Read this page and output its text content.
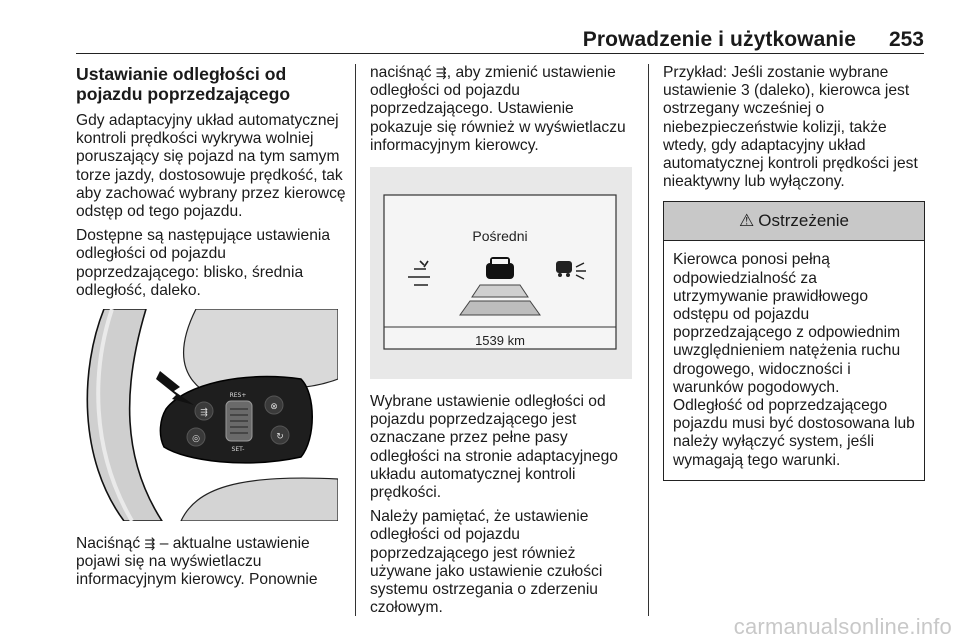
Prowadzenie i użytkowanie 253
Ustawianie odległości od pojazdu poprzedzającego

Gdy adaptacyjny układ automatycznej kontroli prędkości wykrywa wolniej poruszający się pojazd na tym samym torze jazdy, dostosowuje prędkość, tak aby zachować wybrany przez kierowcę odstęp od tego pojazdu.

Dostępne są następujące ustawienia odległości od pojazdu poprzedzającego: blisko, średnia odległość, daleko.

⇶
◎
RES+
SET-
⊗
↻

Naciśnąć ⇶ – aktualne ustawienie pojawi się na wyświetlaczu informacyjnym kierowcy. Ponownie

naciśnąć ⇶, aby zmienić ustawienie odległości od pojazdu poprzedzającego. Ustawienie pokazuje się również w wyświetlaczu informacyjnym kierowcy.

Pośredni
1539 km

Wybrane ustawienie odległości od pojazdu poprzedzającego jest oznaczane przez pełne pasy odległości na stronie adaptacyjnego układu automatycznej kontroli prędkości.

Należy pamiętać, że ustawienie odległości od pojazdu poprzedzającego jest również używane jako ustawienie czułości systemu ostrzegania o zderzeniu czołowym.

Przykład: Jeśli zostanie wybrane ustawienie 3 (daleko), kierowca jest ostrzegany wcześniej o niebezpieczeństwie kolizji, także wtedy, gdy adaptacyjny układ automatycznej kontroli prędkości jest nieaktywny lub wyłączony.

⚠ Ostrzeżenie
Kierowca ponosi pełną odpowiedzialność za utrzymywanie prawidłowego odstępu od pojazdu poprzedzającego z odpowiednim uwzględnieniem natężenia ruchu drogowego, widoczności i warunków pogodowych.
Odległość od poprzedzającego pojazdu musi być dostosowana lub należy wyłączyć system, jeśli wymagają tego warunki.
carmanualsonline.info
